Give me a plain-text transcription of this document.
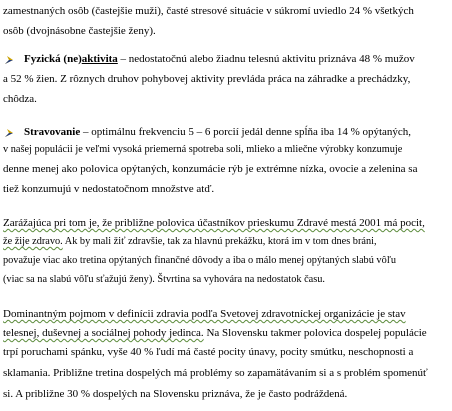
zamestnaných osôb (častejšie muži), časté stresové situácie v súkromí uviedlo 24 % všetkých
osôb (dvojnásobne častejšie ženy).
Fyzická (ne)aktivita – nedostatočnú alebo žiadnu telesnú aktivitu priznáva 48 % mužov
a 52 % žien. Z rôznych druhov pohybovej aktivity prevláda práca na záhradke a prechádzky,
chôdza.
Stravovanie – optimálnu frekvenciu 5 – 6 porcií jedál denne spĺňa iba 14 % opýtaných,
v našej populácii je veľmi vysoká priemerná spotreba soli, mlieko a mliečne výrobky konzumuje
denne menej ako polovica opýtaných, konzumácie rýb je extrémne nízka, ovocie a zelenina sa
tiež konzumujú v nedostatočnom množstve atď.
Zarážajúca pri tom je, že približne polovica účastníkov prieskumu Zdravé mestá 2001 má pocit,
že žije zdravo. Ak by mali žiť zdravšie, tak za hlavnú prekážku, ktorá im v tom dnes bráni,
považuje viac ako tretina opýtaných finančné dôvody a iba o málo menej opýtaných slabú vôľu
(viac sa na slabú vôľu sťažujú ženy). Štvrtina sa vyhovára na nedostatok času.
Dominantným pojmom v definícii zdravia podľa Svetovej zdravotníckej organizácie je stav
telesnej, duševnej a sociálnej pohody jedinca. Na Slovensku takmer polovica dospelej populácie
trpí poruchami spánku, vyše 40 % ľudí má časté pocity únavy, pocity smútku, neschopnosti a
sklamania. Približne tretina dospelých má problémy so zapamätávaním si a s problém spomenúť
si. A približne 30 % dospelých na Slovensku priznáva, že je často podráždená.
